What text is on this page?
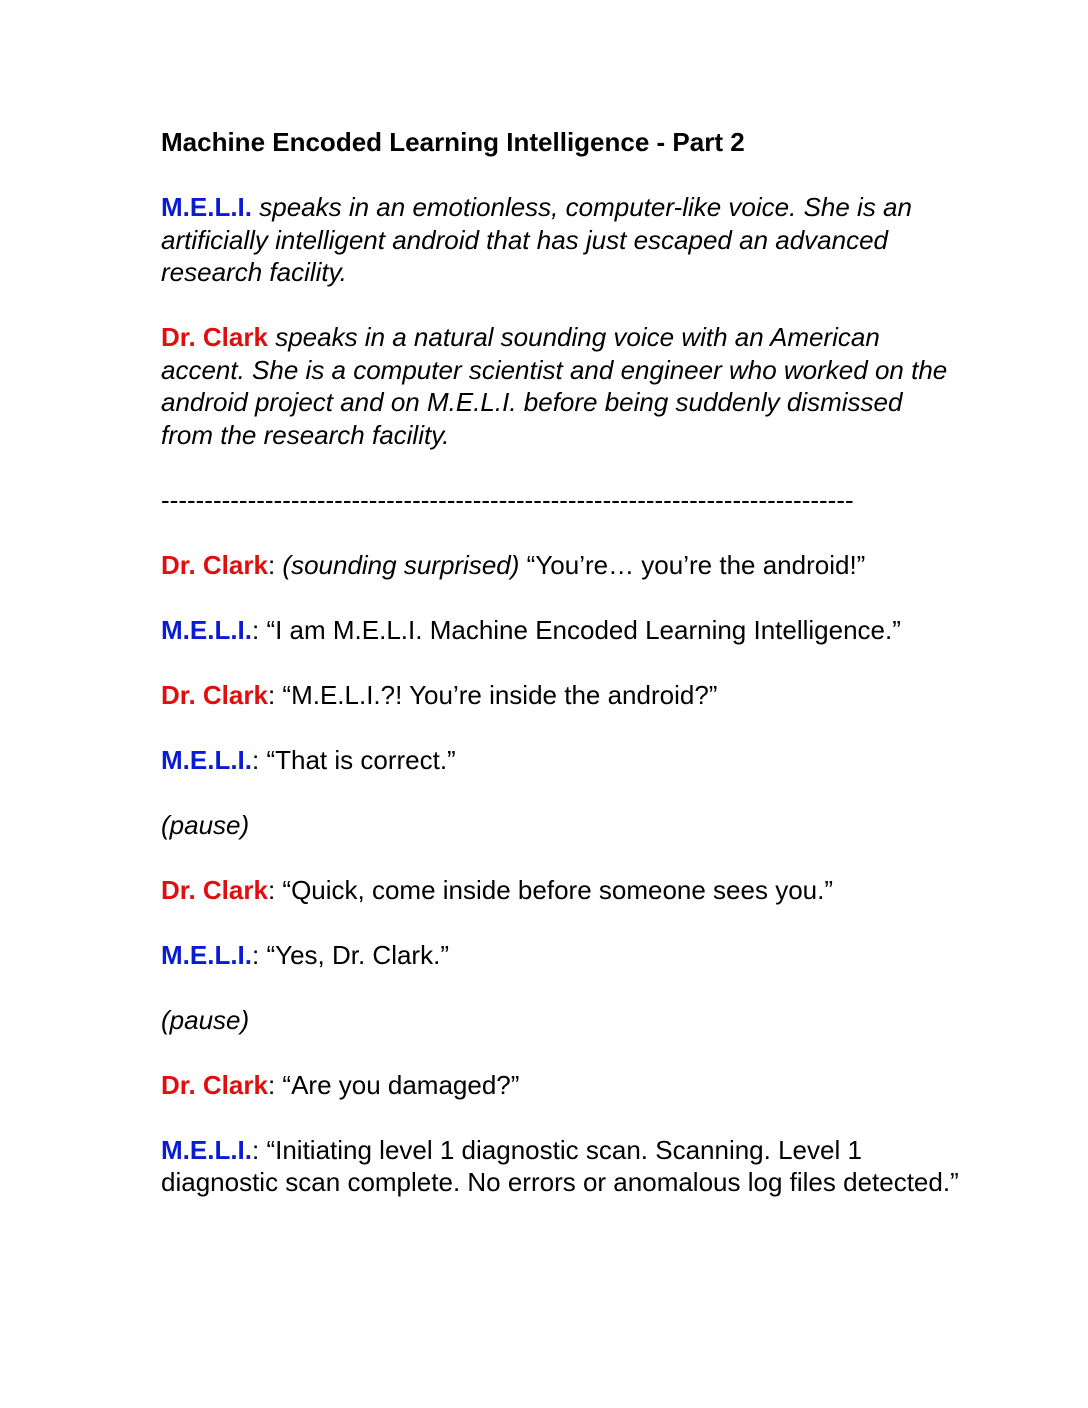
Machine Encoded Learning Intelligence - Part 2
M.E.L.I. speaks in an emotionless, computer-like voice. She is an artificially intelligent android that has just escaped an advanced research facility.
Dr. Clark speaks in a natural sounding voice with an American accent. She is a computer scientist and engineer who worked on the android project and on M.E.L.I. before being suddenly dismissed from the research facility.
--------------------------------------------------------------------------------
Dr. Clark: (sounding surprised) “You’re… you’re the android!”
M.E.L.I.: “I am M.E.L.I. Machine Encoded Learning Intelligence.”
Dr. Clark: “M.E.L.I.?! You’re inside the android?”
M.E.L.I.: “That is correct.”
(pause)
Dr. Clark: “Quick, come inside before someone sees you.”
M.E.L.I.: “Yes, Dr. Clark.”
(pause)
Dr. Clark: “Are you damaged?”
M.E.L.I.: “Initiating level 1 diagnostic scan. Scanning. Level 1 diagnostic scan complete. No errors or anomalous log files detected.”
